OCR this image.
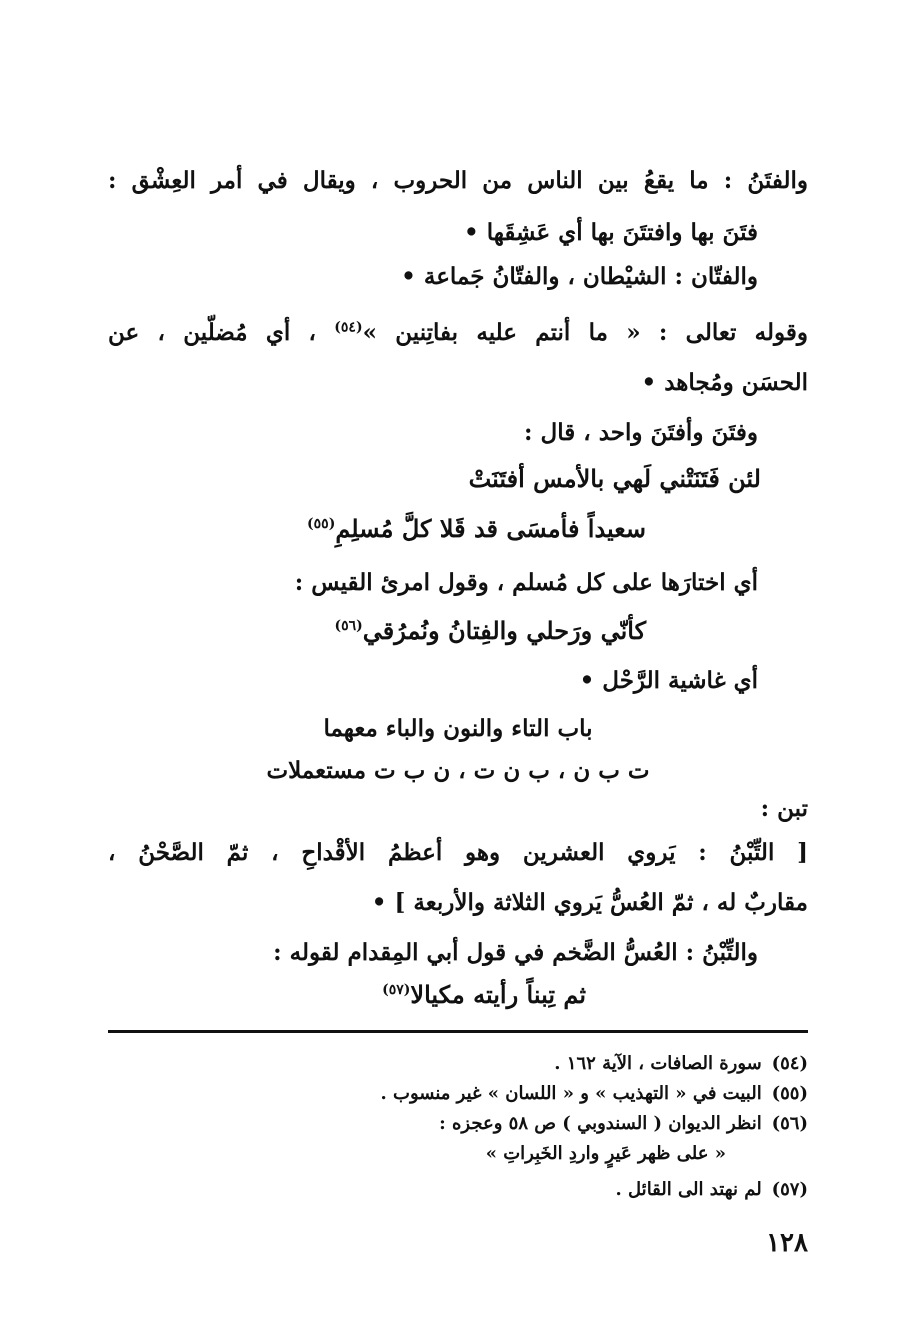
والفتَنُ : ما يقعُ بين الناس من الحروب ، ويقال في أمر العِشْق :
فتَنَ بها وافتتَنَ بها أي عَشِقَها •
والفتّان : الشيْطان ، والفتّانُ جَماعة •
وقوله تعالى : « ما أنتم عليه بفاتِنين »$^{(٥٤)}$ ، أي مُضلّين ، عن
الحسَن ومُجاهد •
وفتَنَ وأفتَنَ واحد ، قال :
لئن فَتَنَتْني لَهي بالأمس أفتَنَتْ
سعيداً فأمسَى قد قَلا كلَّ مُسلِمِ$^{(٥٥)}$
أي اختارَها على كل مُسلم ، وقول امرئ القيس :
كأنّي ورَحلي والفِتانُ ونُمرُقي$^{(٥٦)}$
أي غاشية الرَّحْل •
باب التاء والنون والباء معهما
ت ب ن ، ب ن ت ، ن ب ت مستعملات
تبن :
[ التِّبْنُ : يَروي العشرين وهو أعظمُ الأقْداحِ ، ثمّ الصَّحْنُ ،
مقاربٌ له ، ثمّ العُسُّ يَروي الثلاثة والأربعة ] •
والتِّبْنُ : العُسُّ الضَّخم في قول أبي المِقدام لقوله :
ثم تِبناً رأيته مكيالا$^{(٥٧)}$
(٥٤) سورة الصافات ، الآية ١٦٢ .
(٥٥) البيت في « التهذيب » و « اللسان » غير منسوب .
(٥٦) انظر الديوان ( السندوبي ) ص ٥٨ وعجزه :
« على ظهر عَيرٍ واردِ الخَبِراتِ »
(٥٧) لم نهتد الى القائل .
١٢٨
